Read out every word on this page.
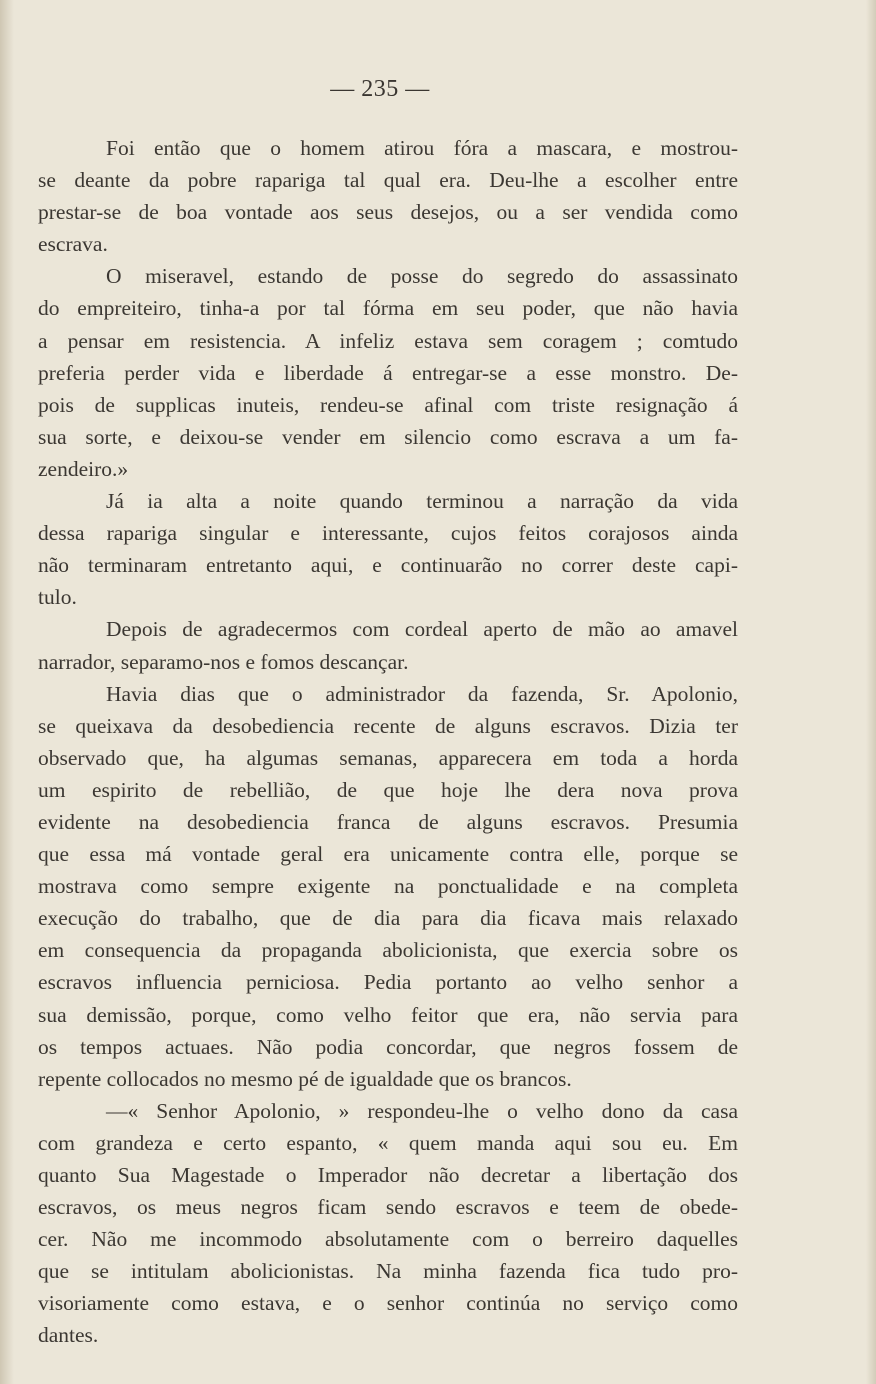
— 235 —

Foi então que o homem atirou fóra a mascara, e mostrou-

se deante da pobre rapariga tal qual era. Deu-lhe a escolher entre

prestar-se de boa vontade aos seus desejos, ou a ser vendida como

escrava.

O miseravel, estando de posse do segredo do assassinato

do empreiteiro, tinha-a por tal fórma em seu poder, que não havia

a pensar em resistencia. A infeliz estava sem coragem ; comtudo

preferia perder vida e liberdade á entregar-se a esse monstro. De-

pois de supplicas inuteis, rendeu-se afinal com triste resignação á

sua sorte, e deixou-se vender em silencio como escrava a um fa-

zendeiro.»

Já ia alta a noite quando terminou a narração da vida

dessa rapariga singular e interessante, cujos feitos corajosos ainda

não terminaram entretanto aqui, e continuarão no correr deste capi-

tulo.

Depois de agradecermos com cordeal aperto de mão ao amavel

narrador, separamo-nos e fomos descançar.

Havia dias que o administrador da fazenda, Sr. Apolonio,

se queixava da desobediencia recente de alguns escravos. Dizia ter

observado que, ha algumas semanas, apparecera em toda a horda

um espirito de rebellião, de que hoje lhe dera nova prova

evidente na desobediencia franca de alguns escravos. Presumia

que essa má vontade geral era unicamente contra elle, porque se

mostrava como sempre exigente na ponctualidade e na completa

execução do trabalho, que de dia para dia ficava mais relaxado

em consequencia da propaganda abolicionista, que exercia sobre os

escravos influencia perniciosa. Pedia portanto ao velho senhor a

sua demissão, porque, como velho feitor que era, não servia para

os tempos actuaes. Não podia concordar, que negros fossem de

repente collocados no mesmo pé de igualdade que os brancos.

—« Senhor Apolonio, » respondeu-lhe o velho dono da casa

com grandeza e certo espanto, « quem manda aqui sou eu. Em

quanto Sua Magestade o Imperador não decretar a libertação dos

escravos, os meus negros ficam sendo escravos e teem de obede-

cer. Não me incommodo absolutamente com o berreiro daquelles

que se intitulam abolicionistas. Na minha fazenda fica tudo pro-

visoriamente como estava, e o senhor continúa no serviço como

dantes.
